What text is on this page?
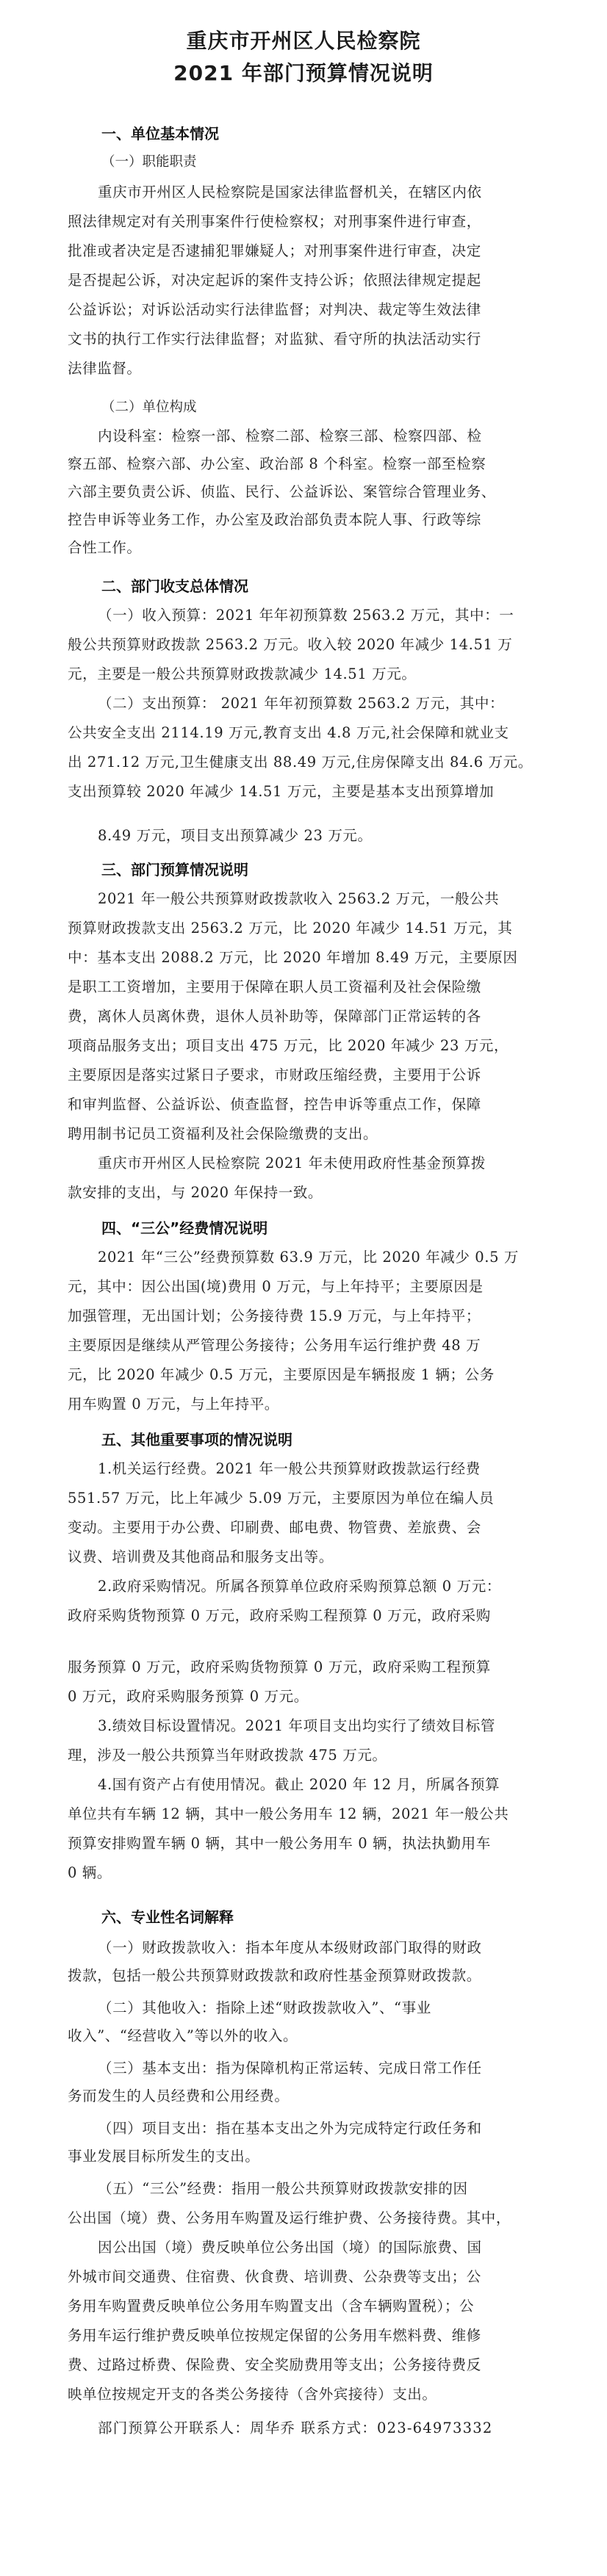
重庆市开州区人民检察院
2021 年部门预算情况说明
一、单位基本情况
（一）职能职责
重庆市开州区人民检察院是国家法律监督机关，在辖区内依
照法律规定对有关刑事案件行使检察权；对刑事案件进行审查，
批准或者决定是否逮捕犯罪嫌疑人；对刑事案件进行审查，决定
是否提起公诉，对决定起诉的案件支持公诉；依照法律规定提起
公益诉讼；对诉讼活动实行法律监督；对判决、裁定等生效法律
文书的执行工作实行法律监督；对监狱、看守所的执法活动实行
法律监督。
（二）单位构成
内设科室：检察一部、检察二部、检察三部、检察四部、检
察五部、检察六部、办公室、政治部 8 个科室。检察一部至检察
六部主要负责公诉、侦监、民行、公益诉讼、案管综合管理业务、
控告申诉等业务工作，办公室及政治部负责本院人事、行政等综
合性工作。
二、部门收支总体情况
（一）收入预算：2021 年年初预算数 2563.2 万元，其中：一
般公共预算财政拨款 2563.2 万元。收入较 2020 年减少 14.51 万
元，主要是一般公共预算财政拨款减少 14.51 万元。
（二）支出预算： 2021 年年初预算数 2563.2 万元，其中：
公共安全支出 2114.19 万元,教育支出 4.8 万元,社会保障和就业支
出 271.12 万元,卫生健康支出 88.49 万元,住房保障支出 84.6 万元。
支出预算较 2020 年减少 14.51 万元，主要是基本支出预算增加
8.49 万元，项目支出预算减少 23 万元。
三、部门预算情况说明
2021 年一般公共预算财政拨款收入 2563.2 万元，一般公共
预算财政拨款支出 2563.2 万元，比 2020 年减少 14.51 万元，其
中：基本支出 2088.2 万元，比 2020 年增加 8.49 万元，主要原因
是职工工资增加，主要用于保障在职人员工资福利及社会保险缴
费，离休人员离休费，退休人员补助等，保障部门正常运转的各
项商品服务支出；项目支出 475 万元，比 2020 年减少 23 万元，
主要原因是落实过紧日子要求，市财政压缩经费，主要用于公诉
和审判监督、公益诉讼、侦查监督，控告申诉等重点工作，保障
聘用制书记员工资福利及社会保险缴费的支出。
重庆市开州区人民检察院 2021 年未使用政府性基金预算拨
款安排的支出，与 2020 年保持一致。
四、“三公”经费情况说明
2021 年“三公”经费预算数 63.9 万元，比 2020 年减少 0.5 万
元，其中：因公出国(境)费用 0 万元，与上年持平；主要原因是
加强管理，无出国计划；公务接待费 15.9 万元，与上年持平；
主要原因是继续从严管理公务接待；公务用车运行维护费 48 万
元，比 2020 年减少 0.5 万元，主要原因是车辆报废 1 辆；公务
用车购置 0 万元，与上年持平。
五、其他重要事项的情况说明
1.机关运行经费。2021 年一般公共预算财政拨款运行经费
551.57 万元，比上年减少 5.09 万元，主要原因为单位在编人员
变动。主要用于办公费、印刷费、邮电费、物管费、差旅费、会
议费、培训费及其他商品和服务支出等。
2.政府采购情况。所属各预算单位政府采购预算总额 0 万元：
政府采购货物预算 0 万元，政府采购工程预算 0 万元，政府采购
服务预算 0 万元，政府采购货物预算 0 万元，政府采购工程预算
0 万元，政府采购服务预算 0 万元。
3.绩效目标设置情况。2021 年项目支出均实行了绩效目标管
理，涉及一般公共预算当年财政拨款 475 万元。
4.国有资产占有使用情况。截止 2020 年 12 月，所属各预算
单位共有车辆 12 辆，其中一般公务用车 12 辆，2021 年一般公共
预算安排购置车辆 0 辆，其中一般公务用车 0 辆，执法执勤用车
0 辆。
六、专业性名词解释
（一）财政拨款收入：指本年度从本级财政部门取得的财政
拨款，包括一般公共预算财政拨款和政府性基金预算财政拨款。
（二）其他收入：指除上述“财政拨款收入”、“事业
收入”、“经营收入”等以外的收入。
（三）基本支出：指为保障机构正常运转、完成日常工作任
务而发生的人员经费和公用经费。
（四）项目支出：指在基本支出之外为完成特定行政任务和
事业发展目标所发生的支出。
（五）“三公”经费：指用一般公共预算财政拨款安排的因
公出国（境）费、公务用车购置及运行维护费、公务接待费。其中，
因公出国（境）费反映单位公务出国（境）的国际旅费、国
外城市间交通费、住宿费、伙食费、培训费、公杂费等支出；公
务用车购置费反映单位公务用车购置支出（含车辆购置税）；公
务用车运行维护费反映单位按规定保留的公务用车燃料费、维修
费、过路过桥费、保险费、安全奖励费用等支出；公务接待费反
映单位按规定开支的各类公务接待（含外宾接待）支出。
部门预算公开联系人：周华乔 联系方式：023-64973332
